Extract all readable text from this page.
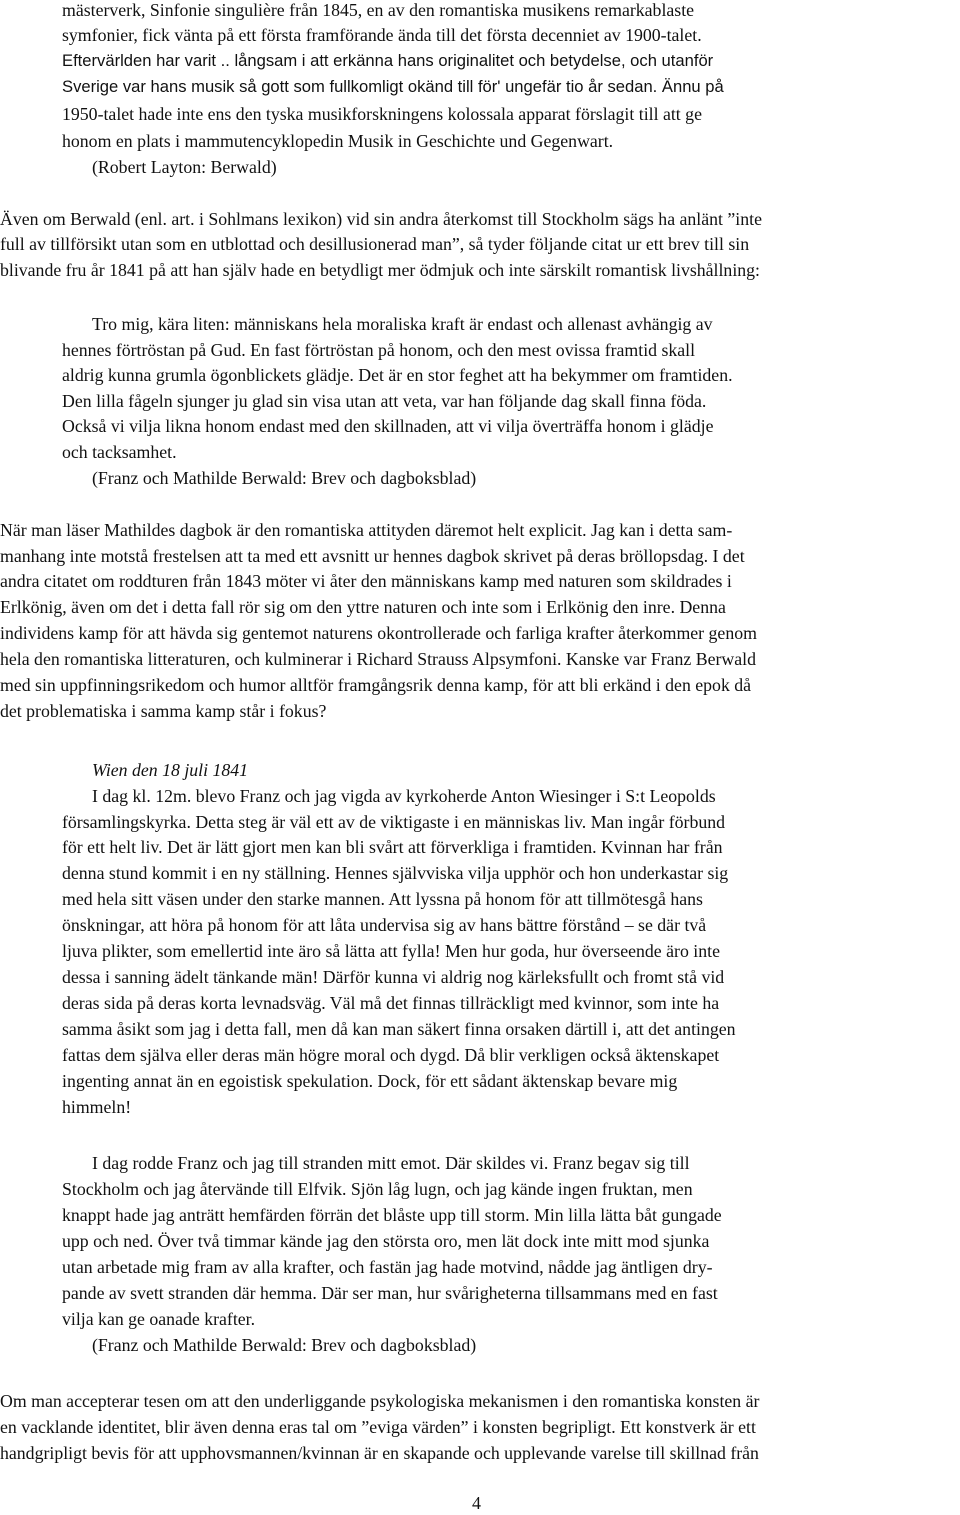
mästerverk, Sinfonie singulière från 1845, en av den romantiska musikens remarkablaste
symfonier, fick vänta på ett första framförande ända till det första decenniet av 1900-talet.
Eftervärlden har varit .. långsam i att erkänna hans originalitet och betydelse, och utanför
Sverige var hans musik så gott som fullkomligt okänd till för' ungefär tio år sedan. Ännu på
1950-talet hade inte ens den tyska musikforskningens kolossala apparat förslagit till att ge
honom en plats i mammutencyklopedin Musik in Geschichte und Gegenwart.
(Robert Layton: Berwald)
Även om Berwald (enl. art. i Sohlmans lexikon) vid sin andra återkomst till Stockholm sägs ha anlänt ”inte
full av tillförsikt utan som en utblottad och desillusionerad man”, så tyder följande citat ur ett brev till sin
blivande fru år 1841 på att han själv hade en betydligt mer ödmjuk och inte särskilt romantisk livshållning:
Tro mig, kära liten: människans hela moraliska kraft är endast och allenast avhängig av
hennes förtröstan på Gud. En fast förtröstan på honom, och den mest ovissa framtid skall
aldrig kunna grumla ögonblickets glädje. Det är en stor feghet att ha bekymmer om framtiden.
Den lilla fågeln sjunger ju glad sin visa utan att veta, var han följande dag skall finna föda.
Också vi vilja likna honom endast med den skillnaden, att vi vilja överträffa honom i glädje
och tacksamhet.
(Franz och Mathilde Berwald: Brev och dagboksblad)
När man läser Mathildes dagbok är den romantiska attityden däremot helt explicit. Jag kan i detta sam-
manhang inte motstå frestelsen att ta med ett avsnitt ur hennes dagbok skrivet på deras bröllopsdag. I det
andra citatet om roddturen från 1843 möter vi åter den människans kamp med naturen som skildrades i
Erlkönig, även om det i detta fall rör sig om den yttre naturen och inte som i Erlkönig den inre. Denna
individens kamp för att hävda sig gentemot naturens okontrollerade och farliga krafter återkommer genom
hela den romantiska litteraturen, och kulminerar i Richard Strauss Alpsymfoni. Kanske var Franz Berwald
med sin uppfinningsrikedom och humor alltför framgångsrik denna kamp, för att bli erkänd i den epok då
det problematiska i samma kamp står i fokus?
Wien den 18 juli 1841
I dag kl. 12m. blevo Franz och jag vigda av kyrkoherde Anton Wiesinger i S:t Leopolds
församlingskyrka. Detta steg är väl ett av de viktigaste i en människas liv. Man ingår förbund
för ett helt liv. Det är lätt gjort men kan bli svårt att förverkliga i framtiden. Kvinnan har från
denna stund kommit i en ny ställning. Hennes självviska vilja upphör och hon underkastar sig
med hela sitt väsen under den starke mannen. Att lyssna på honom för att tillmötesgå hans
önskningar, att höra på honom för att låta undervisa sig av hans bättre förstånd – se där två
ljuva plikter, som emellertid inte äro så lätta att fylla! Men hur goda, hur överseende äro inte
dessa i sanning ädelt tänkande män! Därför kunna vi aldrig nog kärleksfullt och fromt stå vid
deras sida på deras korta levnadsväg. Väl må det finnas tillräckligt med kvinnor, som inte ha
samma åsikt som jag i detta fall, men då kan man säkert finna orsaken därtill i, att det antingen
fattas dem själva eller deras män högre moral och dygd. Då blir verkligen också äktenskapet
ingenting annat än en egoistisk spekulation. Dock, för ett sådant äktenskap bevare mig
himmeln!
I dag rodde Franz och jag till stranden mitt emot. Där skildes vi. Franz begav sig till
Stockholm och jag återvände till Elfvik. Sjön låg lugn, och jag kände ingen fruktan, men
knappt hade jag anträtt hemfärden förrän det blåste upp till storm. Min lilla lätta båt gungade
upp och ned. Över två timmar kände jag den största oro, men lät dock inte mitt mod sjunka
utan arbetade mig fram av alla krafter, och fastän jag hade motvind, nådde jag äntligen dry-
pande av svett stranden där hemma. Där ser man, hur svårigheterna tillsammans med en fast
vilja kan ge oanade krafter.
(Franz och Mathilde Berwald: Brev och dagboksblad)
Om man accepterar tesen om att den underliggande psykologiska mekanismen i den romantiska konsten är
en vacklande identitet, blir även denna eras tal om ”eviga värden” i konsten begripligt. Ett konstverk är ett
handgripligt bevis för att upphovsmannen/kvinnan är en skapande och upplevande varelse till skillnad från
4
